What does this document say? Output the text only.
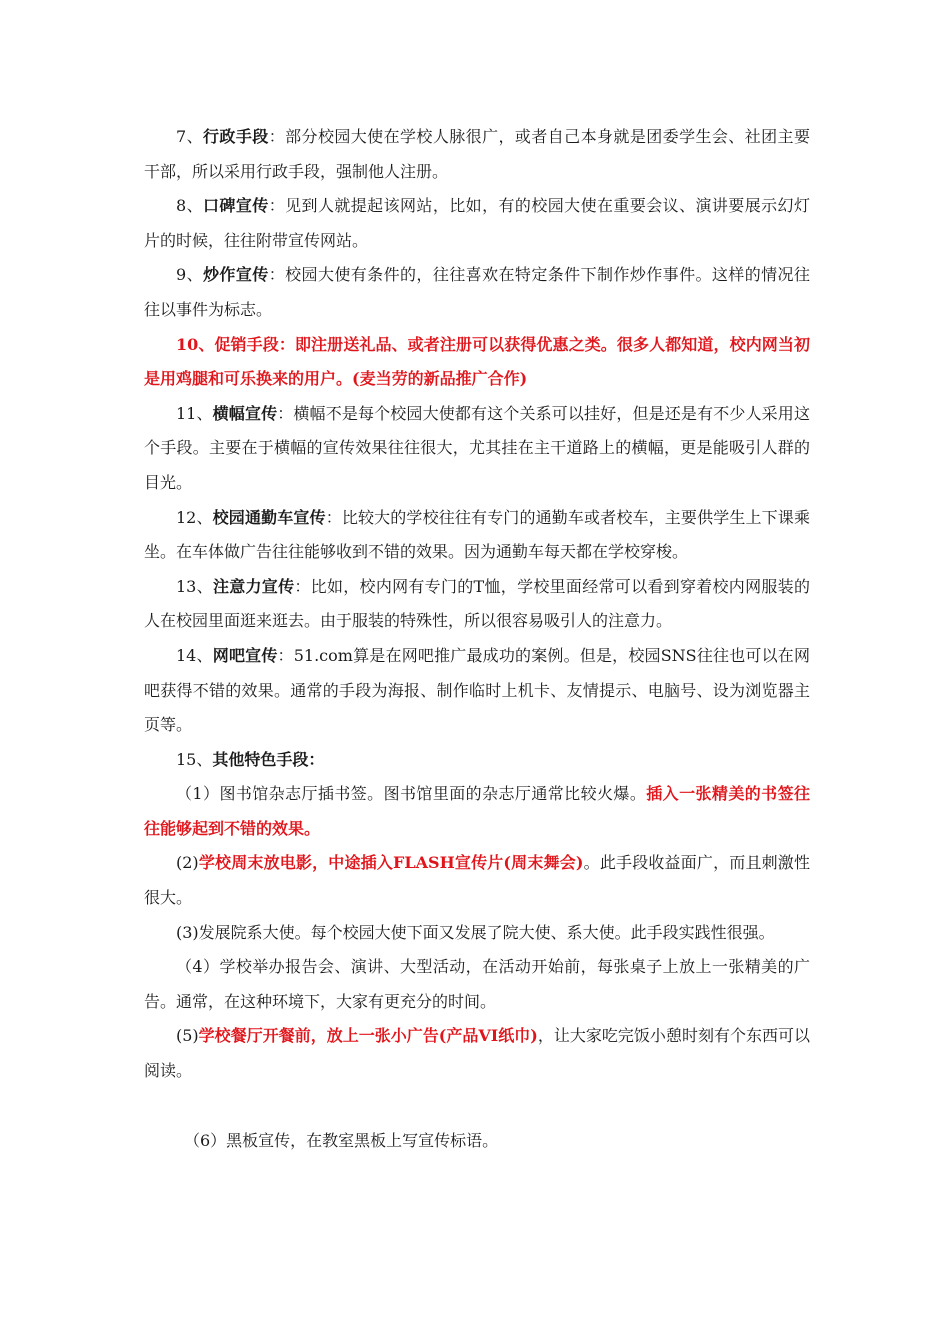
7、行政手段：部分校园大使在学校人脉很广，或者自己本身就是团委学生会、社团主要干部，所以采用行政手段，强制他人注册。

8、口碑宣传：见到人就提起该网站，比如，有的校园大使在重要会议、演讲要展示幻灯片的时候，往往附带宣传网站。

9、炒作宣传：校园大使有条件的，往往喜欢在特定条件下制作炒作事件。这样的情况往往以事件为标志。

10、促销手段：即注册送礼品、或者注册可以获得优惠之类。很多人都知道，校内网当初是用鸡腿和可乐换来的用户。(麦当劳的新品推广合作)

11、横幅宣传：横幅不是每个校园大使都有这个关系可以挂好，但是还是有不少人采用这个手段。主要在于横幅的宣传效果往往很大，尤其挂在主干道路上的横幅，更是能吸引人群的目光。

12、校园通勤车宣传：比较大的学校往往有专门的通勤车或者校车，主要供学生上下课乘坐。在车体做广告往往能够收到不错的效果。因为通勤车每天都在学校穿梭。

13、注意力宣传：比如，校内网有专门的T恤，学校里面经常可以看到穿着校内网服装的人在校园里面逛来逛去。由于服装的特殊性，所以很容易吸引人的注意力。

14、网吧宣传：51.com算是在网吧推广最成功的案例。但是，校园SNS往往也可以在网吧获得不错的效果。通常的手段为海报、制作临时上机卡、友情提示、电脑号、设为浏览器主页等。

15、其他特色手段：

（1）图书馆杂志厅插书签。图书馆里面的杂志厅通常比较火爆。插入一张精美的书签往往能够起到不错的效果。

(2)学校周末放电影，中途插入FLASH宣传片(周末舞会)。此手段收益面广，而且刺激性很大。

(3)发展院系大使。每个校园大使下面又发展了院大使、系大使。此手段实践性很强。

（4）学校举办报告会、演讲、大型活动，在活动开始前，每张桌子上放上一张精美的广告。通常，在这种环境下，大家有更充分的时间。

(5)学校餐厅开餐前，放上一张小广告(产品VI纸巾)，让大家吃完饭小憩时刻有个东西可以阅读。

（6）黑板宣传，在教室黑板上写宣传标语。
